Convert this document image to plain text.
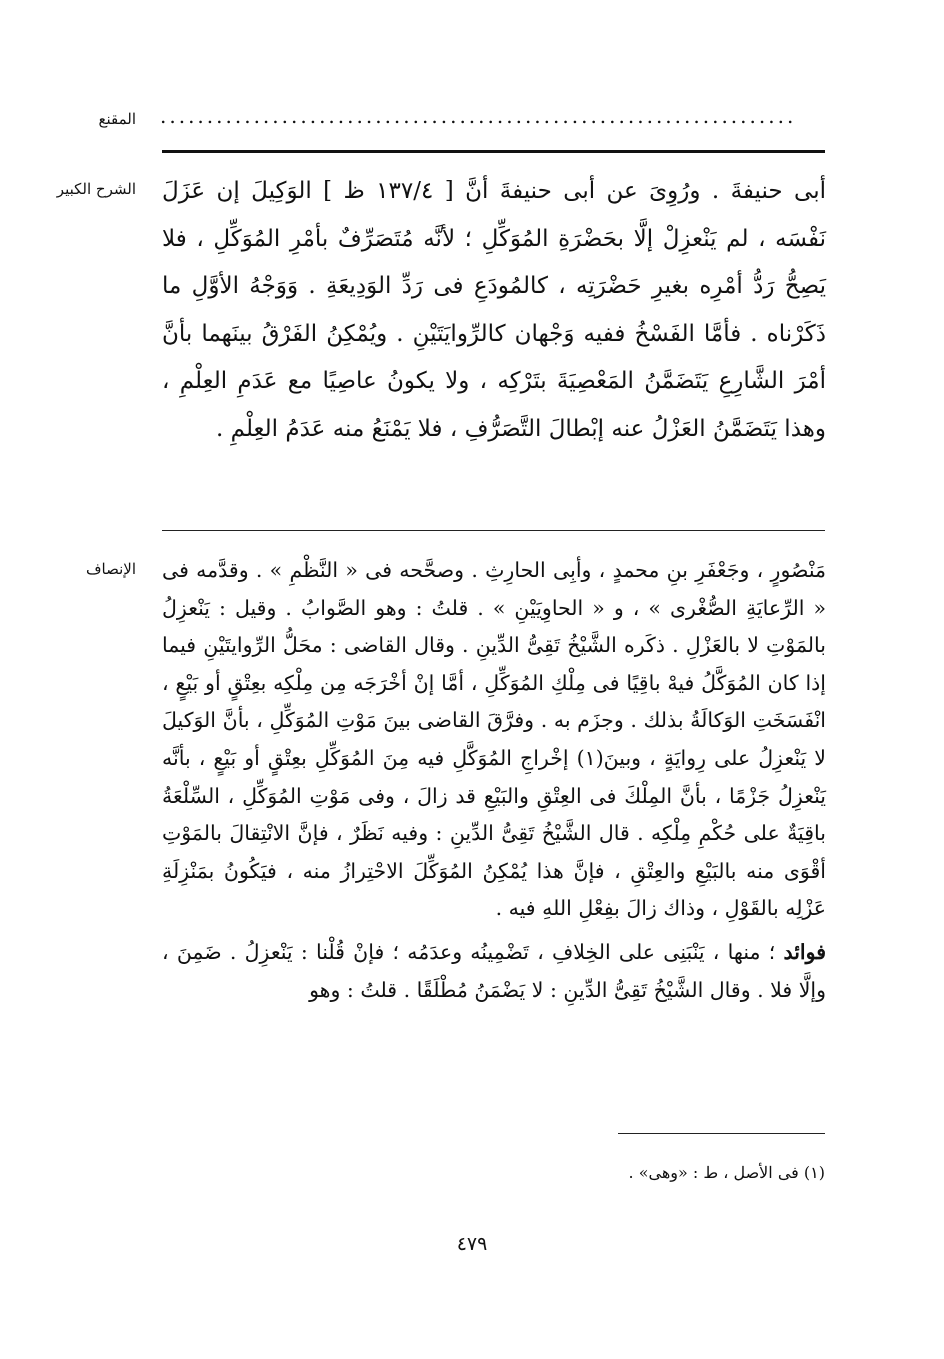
المقنع ....................................................................
الشرح الكبير أبى حنيفةَ . ورُوِىَ عن أبى حنيفةَ أنَّ [ ١٣٧/٤ ظ ] الوَكِيلَ إن عَزَلَ نَفْسَه ، لم يَنْعزِلْ إلَّا بحَضْرَةِ المُوَكِّلِ ؛ لأنَّه مُتَصَرِّفٌ بأمْرِ المُوَكِّلِ ، فلا يَصِحُّ رَدُّ أمْرِه بغيرِ حَضْرَتِه ، كالمُودَعِ فى رَدِّ الوَدِيعَةِ . وَوَجْهُ الأوَّلِ ما ذَكَرْناه . فأمَّا الفَسْخُ ففيه وَجْهان كالرِّوايَتَيْنِ . ويُمْكِنُ الفَرْقُ بينَهما بأنَّ أمْرَ الشَّارِعِ يَتَضَمَّنُ المَعْصِيَةَ بتَرْكِه ، ولا يكونُ عاصِيًا مع عَدَمِ العِلْمِ ، وهذا يَتَضَمَّنُ العَزْلُ عنه إبْطالَ التَّصَرُّفِ ، فلا يَمْنَعُ منه عَدَمُ العِلْمِ .

الإنصاف مَنْصُورٍ ، وجَعْفَرِ بنِ محمدٍ ، وأبِى الحارِثِ . وصحَّحه فى « النَّظْمِ » . وقدَّمه فى « الرِّعايَةِ الصُّغْرى » ، و « الحاوِيَيْنِ » . قلتُ : وهو الصَّوابُ . وقيل : يَنْعزِلُ بالمَوْتِ لا بالعَزْلِ . ذكَره الشَّيْخُ تَقِىُّ الدِّينِ . وقال القاضى : محَلُّ الرِّوايتَيْنِ فيما إذا كان المُوَكَّلُ فيهْ باقِيًا فى مِلْكِ المُوَكِّلِ ، أمَّا إنْ أخْرَجَه مِن مِلْكِه بعِتْقٍ أو بَيْعٍ ، انْفَسَخَتِ الوَكالَةُ بذلك . وجزَم به . وفرَّقَ القاضى بينَ مَوْتِ المُوَكِّلِ ، بأنَّ الوَكيلَ لا يَنْعزِلُ على رِوايَةٍ ، وبينَ(١) إخْراجِ المُوَكَّلِ فيه مِنَ المُوَكِّلِ بعِتْقٍ أو بَيْعٍ ، بأنَّه يَنْعزِلُ جَزْمًا ، بأنَّ المِلْكَ فى العِتْقِ والبَيْعِ قد زالَ ، وفى مَوْتِ المُوَكِّلِ ، السِّلْعَةُ باقِيَةٌ على حُكْمِ مِلْكِه . قال الشَّيْخُ تَقِىُّ الدِّينِ : وفيه نَظَرٌ ، فإنَّ الانْتِقالَ بالمَوْتِ أقْوَى منه بالبَيْعِ والعِتْقِ ، فإنَّ هذا يُمْكِنُ المُوَكِّلَ الاحْتِرازُ منه ، فيَكُونُ بمَنْزِلَةِ عَزْلِه بالقَوْلِ ، وذاك زالَ بفِعْلِ اللهِ فيه .

فوائد ؛ منها ، يَنْبَنِى على الخِلافِ ، تَضْمِينُه وعدَمُه ؛ فإنْ قُلْنا : يَنْعزِلُ . ضَمِنَ ، وإلَّا فلا . وقال الشَّيْخُ تَقِىُّ الدِّينِ : لا يَضْمَنُ مُطْلَقًا . قلتُ : وهو

(١) فى الأصل ، ط : «وهى» .
٤٧٩
